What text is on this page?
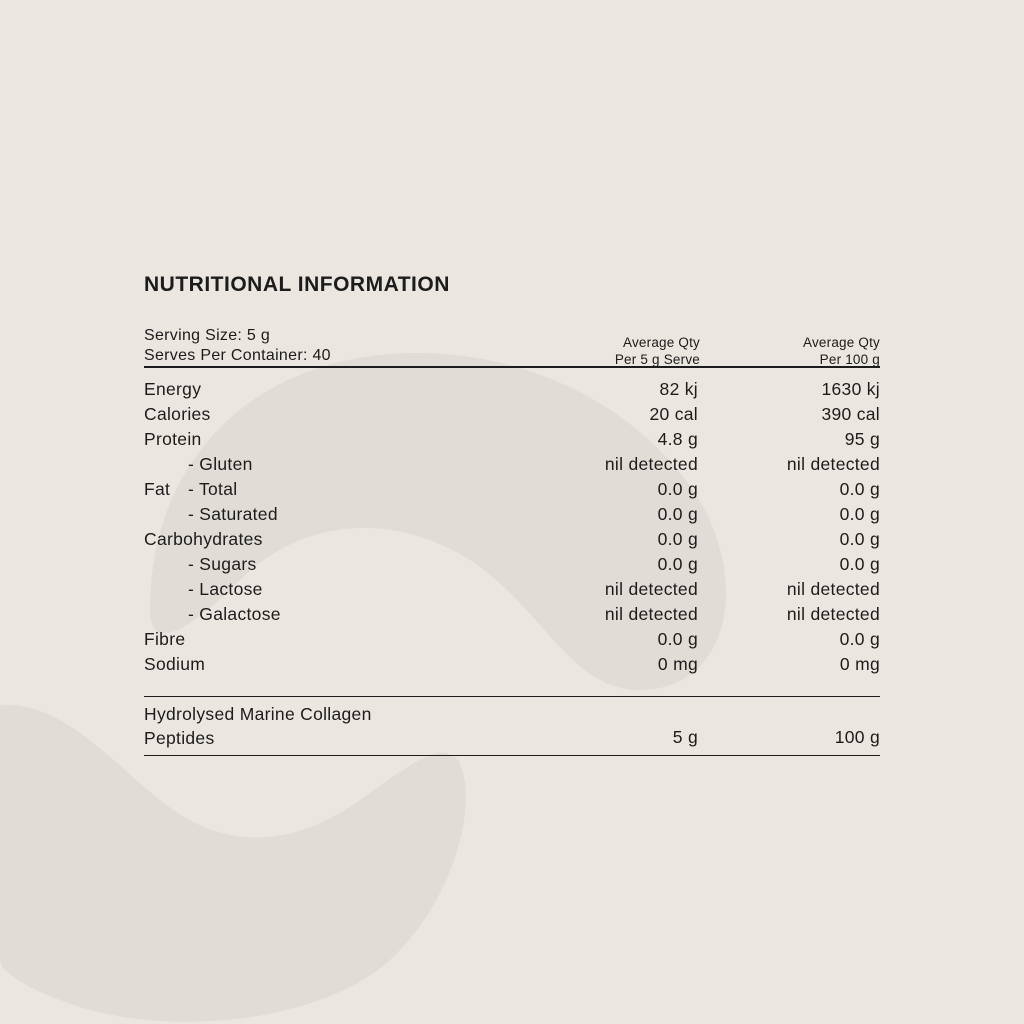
NUTRITIONAL INFORMATION
Serving Size: 5 g
Serves Per Container: 40
Average Qty
Per 5 g Serve
Average Qty
Per 100 g
Energy	82 kj	1630 kj
Calories	20 cal	390 cal
Protein	4.8 g	95 g
- Gluten	nil detected	nil detected
Fat - Total	0.0 g	0.0 g
- Saturated	0.0 g	0.0 g
Carbohydrates	0.0 g	0.0 g
- Sugars	0.0 g	0.0 g
- Lactose	nil detected	nil detected
- Galactose	nil detected	nil detected
Fibre	0.0 g	0.0 g
Sodium	0 mg	0 mg
Hydrolysed Marine Collagen Peptides	5 g	100 g
